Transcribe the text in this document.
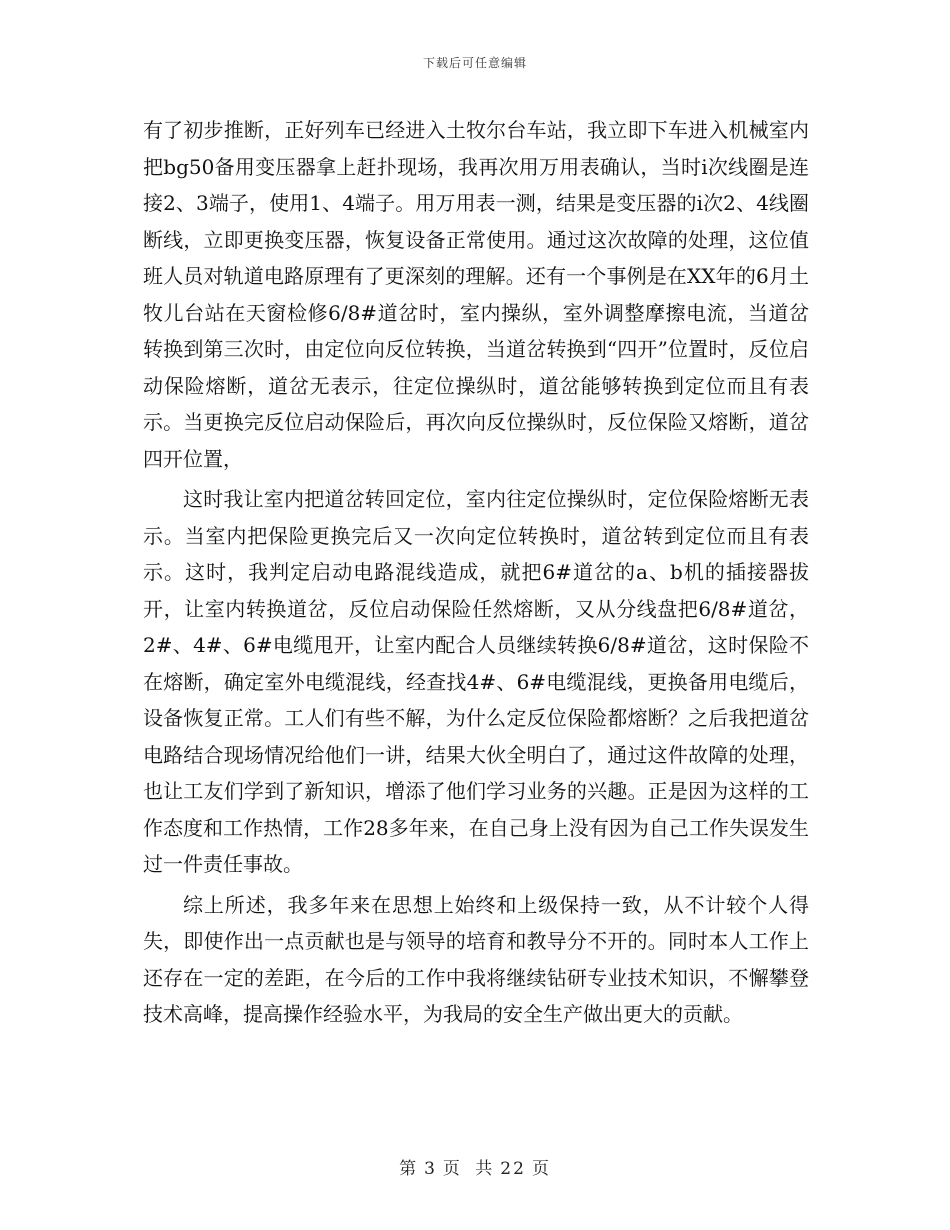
下载后可任意编辑

有了初步推断，正好列车已经进入土牧尔台车站，我立即下车进入机械室内把bg50备用变压器拿上赶扑现场，我再次用万用表确认，当时i次线圈是连接2、3端子，使用1、4端子。用万用表一测，结果是变压器的i次2、4线圈断线，立即更换变压器，恢复设备正常使用。通过这次故障的处理，这位值班人员对轨道电路原理有了更深刻的理解。还有一个事例是在XX年的6月土牧儿台站在天窗检修6/8#道岔时，室内操纵，室外调整摩擦电流，当道岔转换到第三次时，由定位向反位转换，当道岔转换到“四开”位置时，反位启动保险熔断，道岔无表示，往定位操纵时，道岔能够转换到定位而且有表示。当更换完反位启动保险后，再次向反位操纵时，反位保险又熔断，道岔四开位置，

这时我让室内把道岔转回定位，室内往定位操纵时，定位保险熔断无表示。当室内把保险更换完后又一次向定位转换时，道岔转到定位而且有表示。这时，我判定启动电路混线造成，就把6#道岔的a、b机的插接器拔开，让室内转换道岔，反位启动保险任然熔断，又从分线盘把6/8#道岔，2#、4#、6#电缆甩开，让室内配合人员继续转换6/8#道岔，这时保险不在熔断，确定室外电缆混线，经查找4#、6#电缆混线，更换备用电缆后，设备恢复正常。工人们有些不解，为什么定反位保险都熔断？之后我把道岔电路结合现场情况给他们一讲，结果大伙全明白了，通过这件故障的处理，也让工友们学到了新知识，增添了他们学习业务的兴趣。正是因为这样的工作态度和工作热情，工作28多年来，在自己身上没有因为自己工作失误发生过一件责任事故。

综上所述，我多年来在思想上始终和上级保持一致，从不计较个人得失，即使作出一点贡献也是与领导的培育和教导分不开的。同时本人工作上还存在一定的差距，在今后的工作中我将继续钻研专业技术知识，不懈攀登技术高峰，提高操作经验水平，为我局的安全生产做出更大的贡献。

第 3 页 共 22 页
